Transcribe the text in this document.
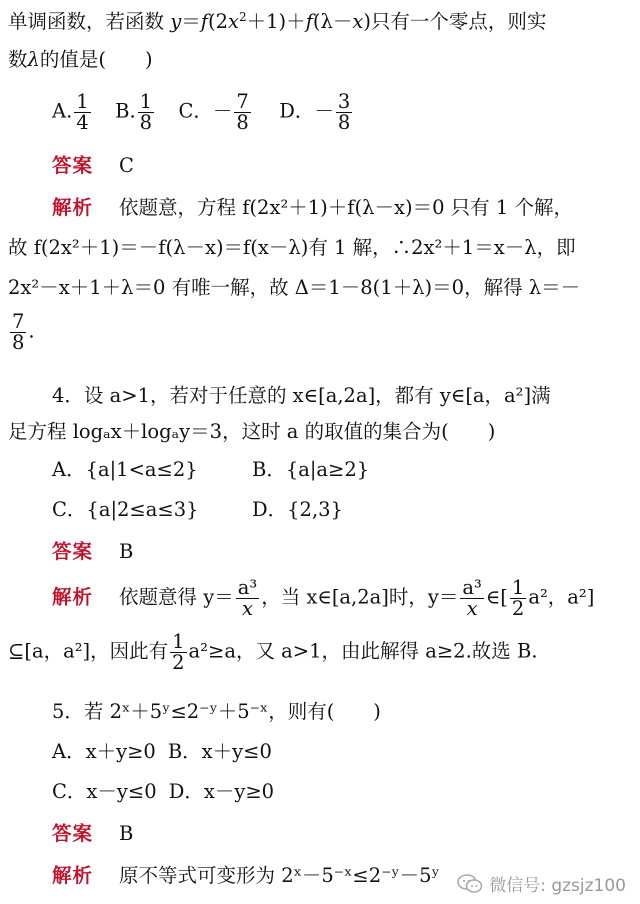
单调函数，若函数 $y=f(2x^2+1)+f(\lambda-x)$只有一个零点，则实
数λ的值是(　　)
A. $\frac{1}{4} B$. $\frac{1}{8}$ C．－ $\frac{7}{8}$ D．－ $\frac{3}{8}$
答案 C
解析 依题意，方程 f(2x²＋1)＋f(λ－x)＝0 只有 1 个解，
故 f(2x²＋1)＝－f(λ－x)＝f(x－λ)有 1 解，∴2x²＋1＝x－λ，即
2x²－x＋1＋λ＝0 有唯一解，故 Δ＝1－8(1＋λ)＝0，解得 λ＝－
$\frac{7}{8}$ .
4．设 a>1，若对于任意的 x∈[a,2a]，都有 y∈[a，a²]满
足方程 logₐx＋logₐy＝3，这时 a 的取值的集合为(　　)
A．{a|1<a≤2}	B．{a|a≥2}
C．{a|2≤a≤3}	D．{2,3}
答案 B
解析 依题意得 $y= \frac{\text{a³}}{x}$ ，当 x∈[a,2a]时，$y= \frac{\text{a³}}{x}$ ∈[ $\frac{1}{2} a^2$，a²]
⊆[a，a²]，因此有 $\frac{1}{2} a^2\ge a$，又 a>1，由此解得 a≥2.故选 B.
5．若 2ˣ＋5ʸ≤2⁻ʸ＋5⁻ˣ，则有(　　)
A．x＋y≥0 B．x＋y≤0
C．x－y≤0 D．x－y≥0
答案 B
解析 原不等式可变形为 2ˣ－5⁻ˣ≤2⁻ʸ－5ʸ	微信号: gzsjz100
